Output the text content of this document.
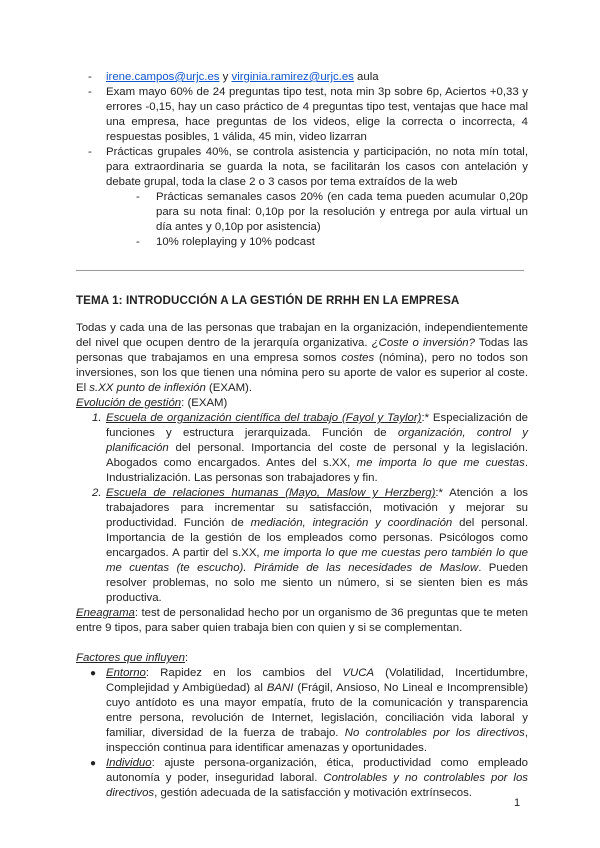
- irene.campos@urjc.es y virginia.ramirez@urjc.es aula
- Exam mayo 60% de 24 preguntas tipo test, nota min 3p sobre 6p, Aciertos +0,33 y errores -0,15, hay un caso práctico de 4 preguntas tipo test, ventajas que hace mal una empresa, hace preguntas de los videos, elige la correcta o incorrecta, 4 respuestas posibles, 1 válida, 45 min, video lizarran
- Prácticas grupales 40%, se controla asistencia y participación, no nota mín total, para extraordinaria se guarda la nota, se facilitarán los casos con antelación y debate grupal, toda la clase 2 o 3 casos por tema extraídos de la web
- Prácticas semanales casos 20% (en cada tema pueden acumular 0,20p para su nota final: 0,10p por la resolución y entrega por aula virtual un día antes y 0,10p por asistencia)
- 10% roleplaying y 10% podcast
TEMA 1: INTRODUCCIÓN A LA GESTIÓN DE RRHH EN LA EMPRESA

Todas y cada una de las personas que trabajan en la organización, independientemente del nivel que ocupen dentro de la jerarquía organizativa. ¿Coste o inversión? Todas las personas que trabajamos en una empresa somos costes (nómina), pero no todos son inversiones, son los que tienen una nómina pero su aporte de valor es superior al coste. El s.XX punto de inflexión (EXAM).

Evolución de gestión: (EXAM)

1. Escuela de organización científica del trabajo (Fayol y Taylor):* Especialización de funciones y estructura jerarquizada. Función de organización, control y planificación del personal. Importancia del coste de personal y la legislación. Abogados como encargados. Antes del s.XX, me importa lo que me cuestas. Industrialización. Las personas son trabajadores y fin.
2. Escuela de relaciones humanas (Mayo, Maslow y Herzberg):* Atención a los trabajadores para incrementar su satisfacción, motivación y mejorar su productividad. Función de mediación, integración y coordinación del personal. Importancia de la gestión de los empleados como personas. Psicólogos como encargados. A partir del s.XX, me importa lo que me cuestas pero también lo que me cuentas (te escucho). Pirámide de las necesidades de Maslow. Pueden resolver problemas, no solo me siento un número, si se sienten bien es más productiva.

Eneagrama: test de personalidad hecho por un organismo de 36 preguntas que te meten entre 9 tipos, para saber quien trabaja bien con quien y si se complementan.

Factores que influyen:

● Entorno: Rapidez en los cambios del VUCA (Volatilidad, Incertidumbre, Complejidad y Ambigüedad) al BANI (Frágil, Ansioso, No Lineal e Incomprensible) cuyo antídoto es una mayor empatía, fruto de la comunicación y transparencia entre persona, revolución de Internet, legislación, conciliación vida laboral y familiar, diversidad de la fuerza de trabajo. No controlables por los directivos, inspección continua para identificar amenazas y oportunidades.
● Individuo: ajuste persona-organización, ética, productividad como empleado autonomía y poder, inseguridad laboral. Controlables y no controlables por los directivos, gestión adecuada de la satisfacción y motivación extrínsecos.
1
